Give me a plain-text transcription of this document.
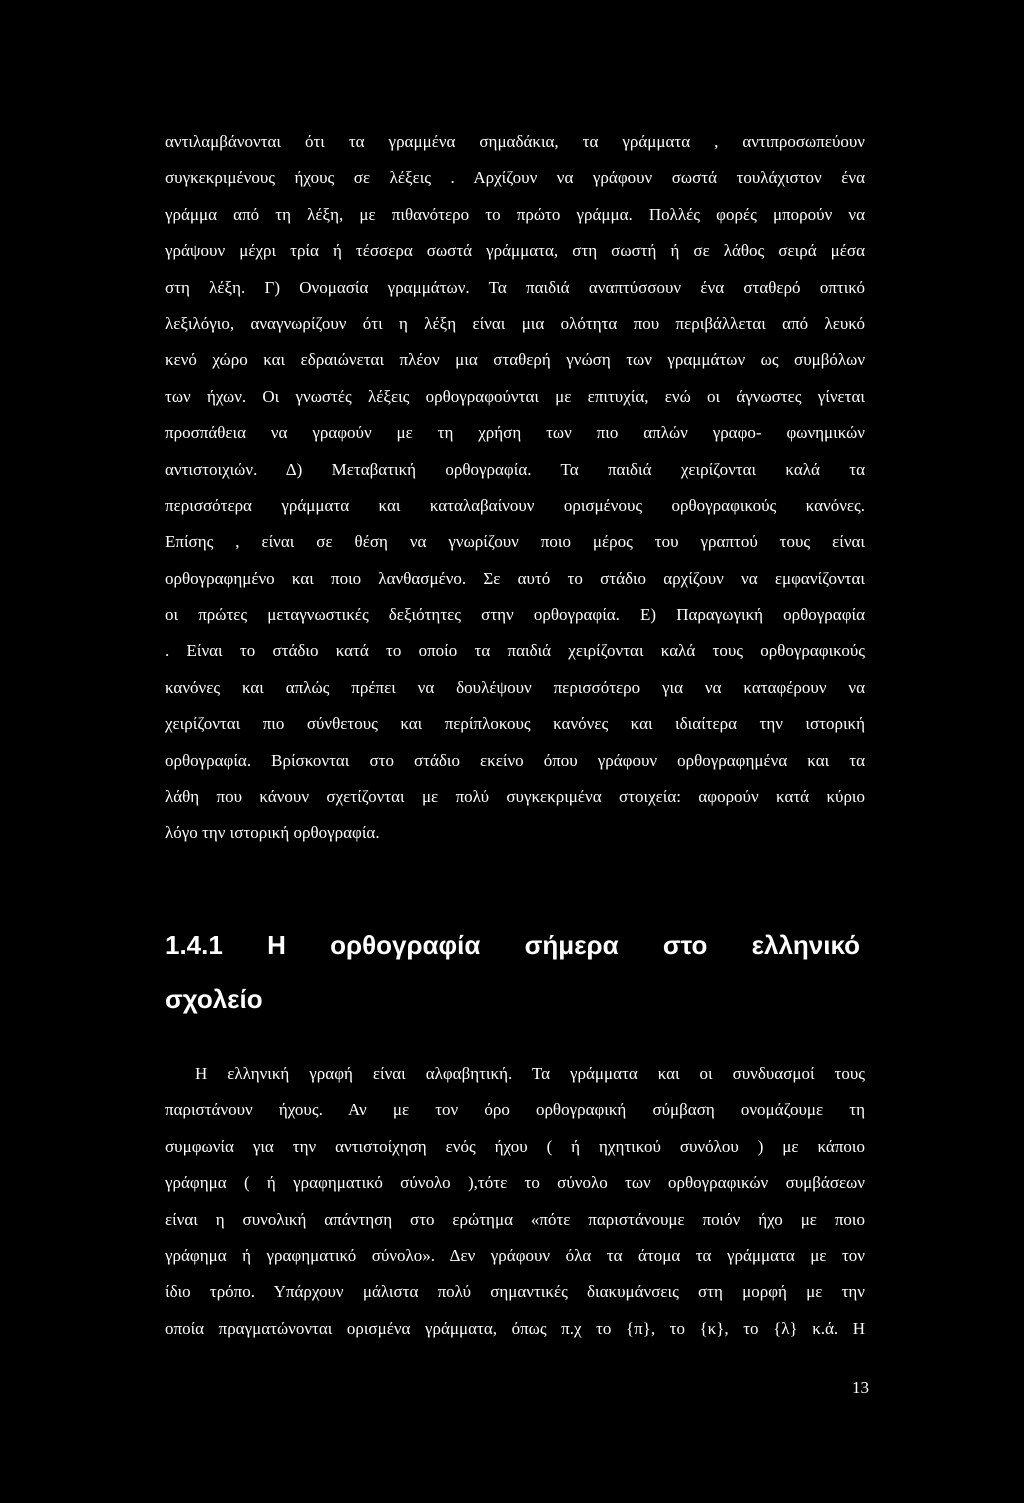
αντιλαμβάνονται ότι τα γραμμένα σημαδάκια, τα γράμματα , αντιπροσωπεύουν
συγκεκριμένους ήχους σε λέξεις . Αρχίζουν να γράφουν σωστά τουλάχιστον ένα
γράμμα από τη λέξη, με πιθανότερο το πρώτο γράμμα. Πολλές φορές μπορούν να
γράψουν μέχρι τρία ή τέσσερα σωστά γράμματα, στη σωστή ή σε λάθος σειρά μέσα
στη λέξη. Γ) Ονομασία γραμμάτων. Τα παιδιά αναπτύσσουν ένα σταθερό οπτικό
λεξιλόγιο, αναγνωρίζουν ότι η λέξη είναι μια ολότητα που περιβάλλεται από λευκό
κενό χώρο και εδραιώνεται πλέον μια σταθερή γνώση των γραμμάτων ως συμβόλων
των ήχων. Οι γνωστές λέξεις ορθογραφούνται με επιτυχία, ενώ οι άγνωστες γίνεται
προσπάθεια να γραφούν με τη χρήση των πιο απλών γραφο- φωνημικών
αντιστοιχιών. Δ) Μεταβατική ορθογραφία. Τα παιδιά χειρίζονται καλά τα
περισσότερα γράμματα και καταλαβαίνουν ορισμένους ορθογραφικούς κανόνες.
Επίσης , είναι σε θέση να γνωρίζουν ποιο μέρος του γραπτού τους είναι
ορθογραφημένο και ποιο λανθασμένο. Σε αυτό το στάδιο αρχίζουν να εμφανίζονται
οι πρώτες μεταγνωστικές δεξιότητες στην ορθογραφία. Ε) Παραγωγική ορθογραφία
. Είναι το στάδιο κατά το οποίο τα παιδιά χειρίζονται καλά τους ορθογραφικούς
κανόνες και απλώς πρέπει να δουλέψουν περισσότερο για να καταφέρουν να
χειρίζονται πιο σύνθετους και περίπλοκους κανόνες και ιδιαίτερα την ιστορική
ορθογραφία. Βρίσκονται στο στάδιο εκείνο όπου γράφουν ορθογραφημένα και τα
λάθη που κάνουν σχετίζονται με πολύ συγκεκριμένα στοιχεία: αφορούν κατά κύριο
λόγο την ιστορική ορθογραφία.
1.4.1 Η ορθογραφία σήμερα στο ελληνικό
σχολείο
Η ελληνική γραφή είναι αλφαβητική. Τα γράμματα και οι συνδυασμοί τους
παριστάνουν ήχους. Αν με τον όρο ορθογραφική σύμβαση ονομάζουμε τη
συμφωνία για την αντιστοίχηση ενός ήχου ( ή ηχητικού συνόλου ) με κάποιο
γράφημα ( ή γραφηματικό σύνολο ),τότε το σύνολο των ορθογραφικών συμβάσεων
είναι η συνολική απάντηση στο ερώτημα «πότε παριστάνουμε ποιόν ήχο με ποιο
γράφημα ή γραφηματικό σύνολο». Δεν γράφουν όλα τα άτομα τα γράμματα με τον
ίδιο τρόπο. Υπάρχουν μάλιστα πολύ σημαντικές διακυμάνσεις στη μορφή με την
οποία πραγματώνονται ορισμένα γράμματα, όπως π.χ το {π}, το {κ}, το {λ} κ.ά. Η
13
